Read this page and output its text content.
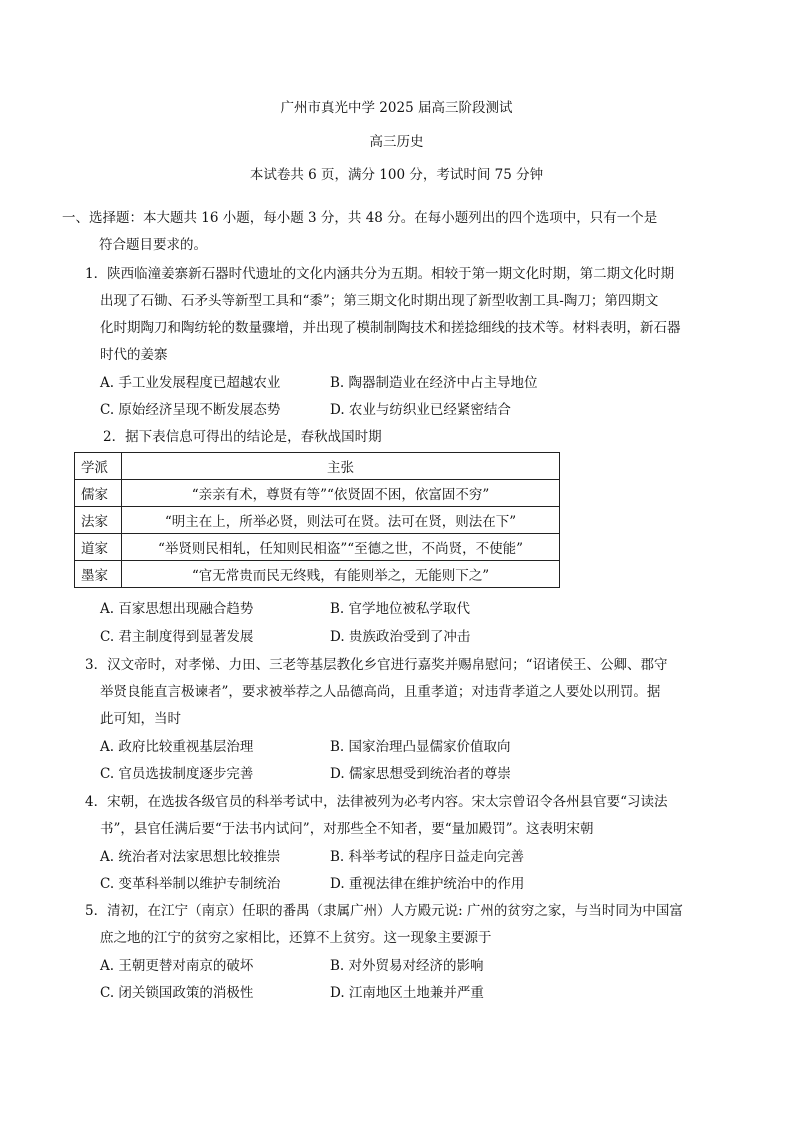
广州市真光中学 2025 届高三阶段测试
高三历史
本试卷共 6 页，满分 100 分，考试时间 75 分钟
一、选择题：本大题共 16 小题，每小题 3 分，共 48 分。在每小题列出的四个选项中，只有一个是
符合题目要求的。
1．陕西临潼姜寨新石器时代遗址的文化内涵共分为五期。相较于第一期文化时期，第二期文化时期
出现了石锄、石矛头等新型工具和“黍”；第三期文化时期出现了新型收割工具-陶刀；第四期文
化时期陶刀和陶纺轮的数量骤增，并出现了模制制陶技术和搓捻细线的技术等。材料表明，新石器
时代的姜寨
A. 手工业发展程度已超越农业	B. 陶器制造业在经济中占主导地位
C. 原始经济呈现不断发展态势	D. 农业与纺织业已经紧密结合
2．据下表信息可得出的结论是，春秋战国时期
学派	主张
儒家	“亲亲有术，尊贤有等”“依贤固不困，依富固不穷”
法家	“明主在上，所举必贤，则法可在贤。法可在贤，则法在下”
道家	“举贤则民相轧，任知则民相盗”“至德之世，不尚贤，不使能”
墨家	“官无常贵而民无终贱，有能则举之，无能则下之”
A. 百家思想出现融合趋势	B. 官学地位被私学取代
C. 君主制度得到显著发展	D. 贵族政治受到了冲击
3．汉文帝时，对孝悌、力田、三老等基层教化乡官进行嘉奖并赐帛慰问；“诏诸侯王、公卿、郡守
举贤良能直言极谏者”，要求被举荐之人品德高尚，且重孝道；对违背孝道之人要处以刑罚。据
此可知，当时
A. 政府比较重视基层治理	B. 国家治理凸显儒家价值取向
C. 官员选拔制度逐步完善	D. 儒家思想受到统治者的尊崇
4．宋朝，在选拔各级官员的科举考试中，法律被列为必考内容。宋太宗曾诏令各州县官要“习读法
书”，县官任满后要“于法书内试问”，对那些全不知者，要“量加殿罚”。这表明宋朝
A. 统治者对法家思想比较推崇	B. 科举考试的程序日益走向完善
C. 变革科举制以维护专制统治	D. 重视法律在维护统治中的作用
5．清初，在江宁（南京）任职的番禺（隶属广州）人方殿元说: 广州的贫穷之家，与当时同为中国富
庶之地的江宁的贫穷之家相比，还算不上贫穷。这一现象主要源于
A. 王朝更替对南京的破坏	B. 对外贸易对经济的影响
C. 闭关锁国政策的消极性	D. 江南地区土地兼并严重
